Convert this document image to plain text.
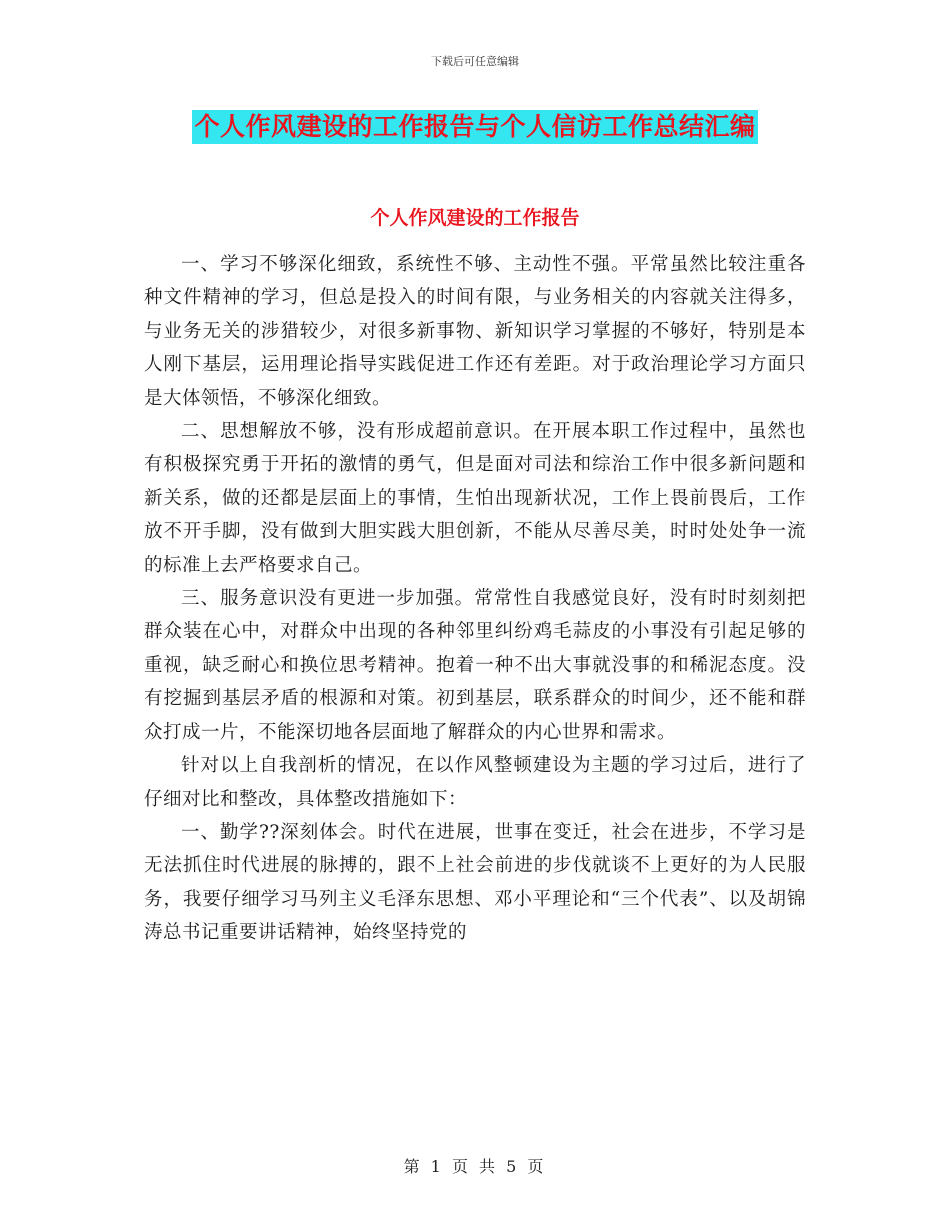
下载后可任意编辑
个人作风建设的工作报告与个人信访工作总结汇编
个人作风建设的工作报告

一、学习不够深化细致，系统性不够、主动性不强。平常虽然比较注重各种文件精神的学习，但总是投入的时间有限，与业务相关的内容就关注得多，与业务无关的涉猎较少，对很多新事物、新知识学习掌握的不够好，特别是本人刚下基层，运用理论指导实践促进工作还有差距。对于政治理论学习方面只是大体领悟，不够深化细致。

二、思想解放不够，没有形成超前意识。在开展本职工作过程中，虽然也有积极探究勇于开拓的激情的勇气，但是面对司法和综治工作中很多新问题和新关系，做的还都是层面上的事情，生怕出现新状况，工作上畏前畏后，工作放不开手脚，没有做到大胆实践大胆创新，不能从尽善尽美，时时处处争一流的标准上去严格要求自己。

三、服务意识没有更进一步加强。常常性自我感觉良好，没有时时刻刻把群众装在心中，对群众中出现的各种邻里纠纷鸡毛蒜皮的小事没有引起足够的重视，缺乏耐心和换位思考精神。抱着一种不出大事就没事的和稀泥态度。没有挖掘到基层矛盾的根源和对策。初到基层，联系群众的时间少，还不能和群众打成一片，不能深切地各层面地了解群众的内心世界和需求。

针对以上自我剖析的情况，在以作风整顿建设为主题的学习过后，进行了仔细对比和整改，具体整改措施如下：

一、勤学??深刻体会。时代在进展，世事在变迁，社会在进步，不学习是无法抓住时代进展的脉搏的，跟不上社会前进的步伐就谈不上更好的为人民服务，我要仔细学习马列主义毛泽东思想、邓小平理论和“三个代表”、以及胡锦涛总书记重要讲话精神，始终坚持党的

第 1 页 共 5 页
